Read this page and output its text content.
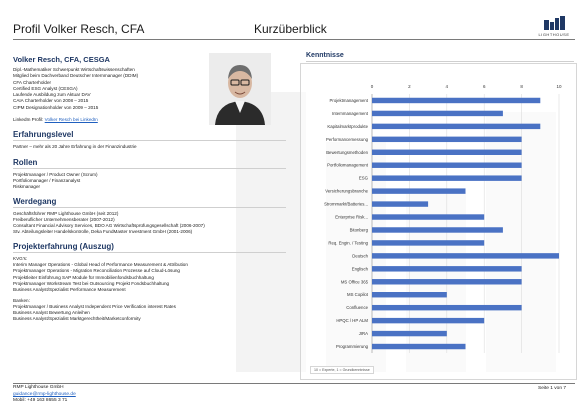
Profil Volker Resch, CFA	Kurzüberblick	LIGHTHOUSE
Volker Resch, CFA, CESGA
Dipl.-Mathematiker Schwerpunkt Wirtschaftswissenschaften
Mitglied beim Dachverband Deutscher Internmanager (DDIM)
CFA Charterholder
Certified ESG Analyst (CESGA)
Laufende Ausbildung zum Aktuar DAV
CAIA Charterholder von 2008 – 2015
CIPM Designationholder von 2009 – 2015
LinkedIn Profil: Volker Resch bei LinkedIn
Erfahrungslevel
Partner – mehr als 20 Jahre Erfahrung in der Finanzindustrie
Rollen
Projektmanager / Product Owner (Scrum)
Portfoliomanager / Finanzanalyst
Riskmanager
Werdegang
Geschäftsführer RMP Lighthouse GmbH (seit 2012)
Freiberuflicher Unternehmensberater (2007-2012)
Consultant Financial Advisory Services, BDO AG Wirtschaftsprüfungsgesellschaft (2006-2007)
Stv. Abteilungsleiter Handelskontrolle, Deka FundMaster Investment GmbH (2001-2006)
Projekterfahrung (Auszug)
KVG's:
Interim Manager Operations - Global Head of Performance Measurement & Attribution
Projektmanager Operations - Migration Reconciliation Prozesse auf Cloud-Lösung
Projektleiter Einführung SAP Module für Immobilienfondsbuchhaltung
Projektmanager Workstream Test bei Outsourcing Projekt Fondsbuchhaltung
Business Analyst/Spezialist Performance Measurement
Banken:
Projektmanager / Business Analyst Independent Price Verification interest Rates
Business Analyst Bewertung Anleihen
Business Analyst/Spezialist Marktgerechtheit/Marketconformity
Kenntnisse
0	2	4	6	8	10
Projektmanagement
Internmanagement
Kapitalmarktprodukte
Performancemessung
Bewertungsmethoden
Portfoliomanagement
ESG
Versicherungsbranche
Strommarkt/Batteries...
Enterprise Risk...
Bitonberg
Req. Engin. / Testing
Deutsch
Englisch
MS Office 365
MS Copilot
Confluence
HPQC / HP ALM
JIRA
Programmierung
10 = Experte, 1 = Grundkenntnisse
RMP Lighthouse GmbH
guidance@rmp-lighthouse.de
Mobil: +49 163 8655 3 71
Seite 1 von 7
